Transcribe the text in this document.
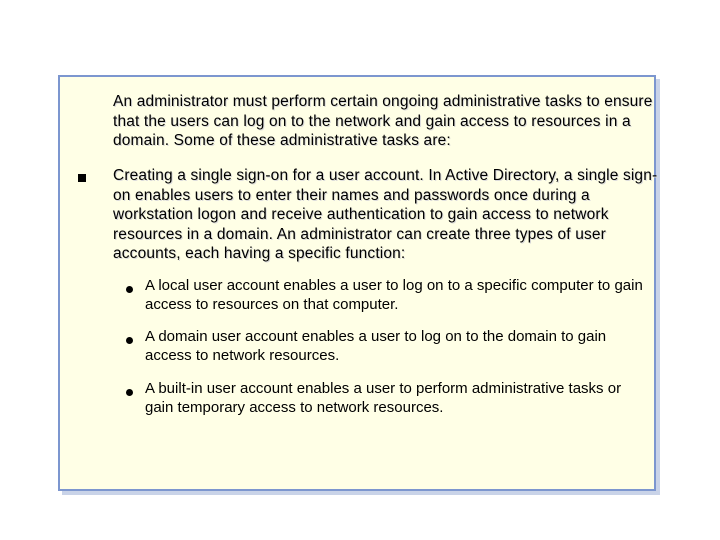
An administrator must perform certain ongoing administrative tasks to ensure that the users can log on to the network and gain access to resources in a domain. Some of these administrative tasks are:

Creating a single sign-on for a user account. In Active Directory, a single sign-on enables users to enter their names and passwords once during a workstation logon and receive authentication to gain access to network resources in a domain. An administrator can create three types of user accounts, each having a specific function:

A local user account enables a user to log on to a specific computer to gain access to resources on that computer.

A domain user account enables a user to log on to the domain to gain access to network resources.

A built-in user account enables a user to perform administrative tasks or gain temporary access to network resources.
